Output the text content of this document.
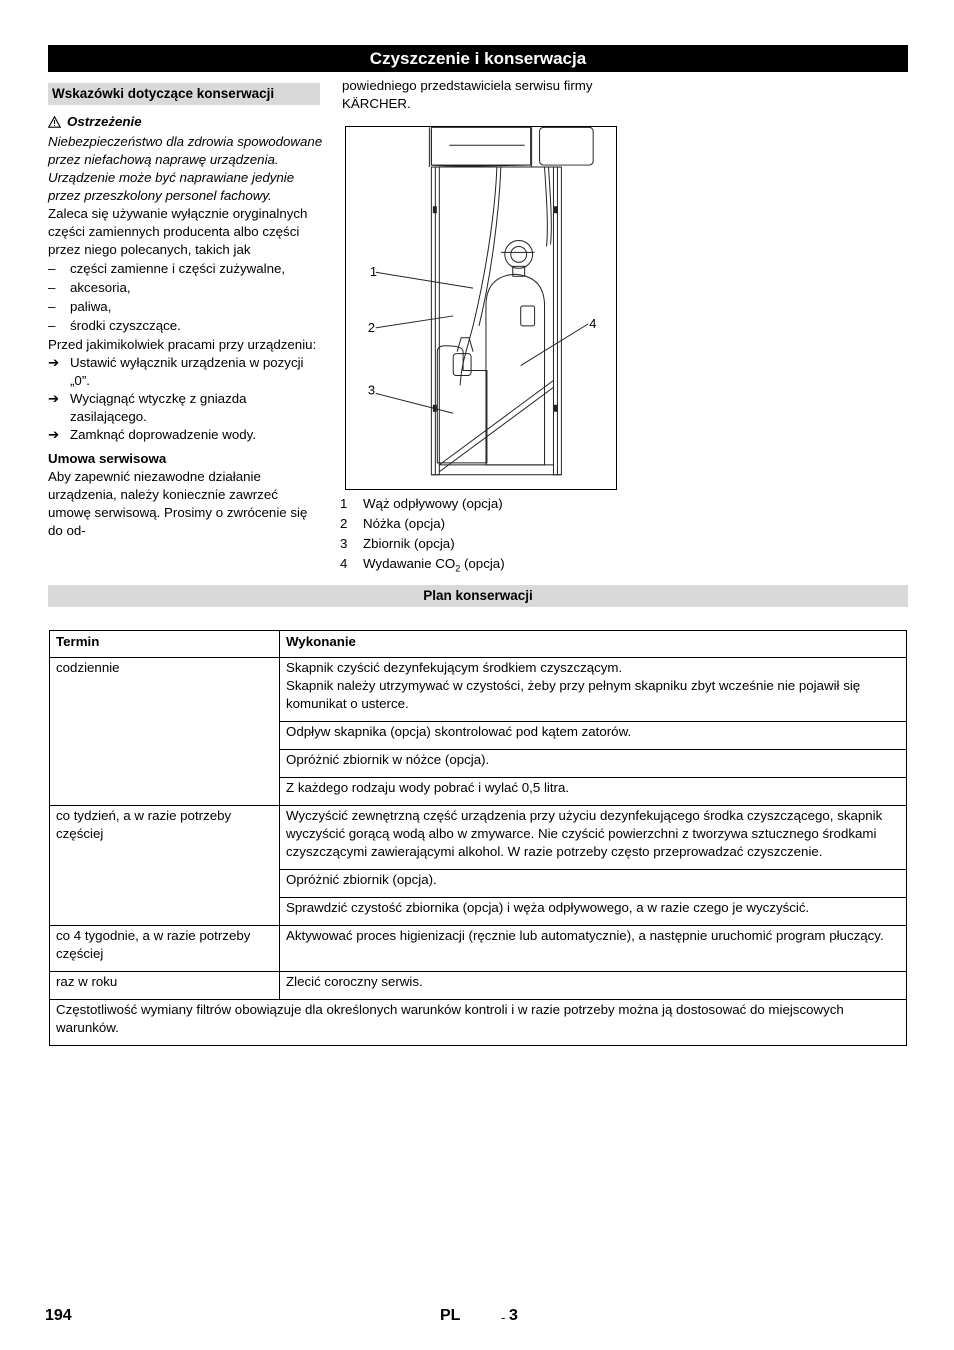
Czyszczenie i konserwacja
Wskazówki dotyczące konserwacji

Ostrzeżenie

Niebezpieczeństwo dla zdrowia spowodowane przez niefachową naprawę urządzenia. Urządzenie może być naprawiane jedynie przez przeszkolony personel fachowy.

Zaleca się używanie wyłącznie oryginalnych części zamiennych producenta albo części przez niego polecanych, takich jak

–	części zamienne i części zużywalne,
–	akcesoria,
–	paliwa,
–	środki czyszczące.

Przed jakimikolwiek pracami przy urządzeniu:

➔ Ustawić wyłącznik urządzenia w pozycji „0”.
➔ Wyciągnąć wtyczkę z gniazda zasilającego.
➔ Zamknąć doprowadzenie wody.

Umowa serwisowa

Aby zapewnić niezawodne działanie urządzenia, należy koniecznie zawrzeć umowę serwisową. Prosimy o zwrócenie się do od-

powiedniego przedstawiciela serwisu firmy KÄRCHER.
1
2
3
4
1	Wąż odpływowy (opcja)
2	Nóżka (opcja)
3	Zbiornik (opcja)
4	Wydawanie $CO_2$ (opcja)
Plan konserwacji
Termin	Wykonanie
codziennie	Skapnik czyścić dezynfekującym środkiem czyszczącym.
Skapnik należy utrzymywać w czystości, żeby przy pełnym skapniku zbyt wcześnie nie pojawił się komunikat o usterce.

	Odpływ skapnika (opcja) skontrolować pod kątem zatorów.
	Opróżnić zbiornik w nóżce (opcja).
	Z każdego rodzaju wody pobrać i wylać 0,5 litra.
co tydzień, a w razie potrzeby częściej	Wyczyścić zewnętrzną część urządzenia przy użyciu dezynfekującego środka czyszczącego, skapnik wyczyścić gorącą wodą albo w zmywarce. Nie czyścić powierzchni z tworzywa sztucznego środkami czyszczącymi zawierającymi alkohol. W razie potrzeby często przeprowadzać czyszczenie.
	Opróżnić zbiornik (opcja).
	Sprawdzić czystość zbiornika (opcja) i węża odpływowego, a w razie czego je wyczyścić.
co 4 tygodnie, a w razie potrzeby częściej	Aktywować proces higienizacji (ręcznie lub automatycznie), a następnie uruchomić program płuczący.
raz w roku	Zlecić coroczny serwis.
Częstotliwość wymiany filtrów obowiązuje dla określonych warunków kontroli i w razie potrzeby można ją dostosować do miejscowych warunków.	
194	PL	- 3
